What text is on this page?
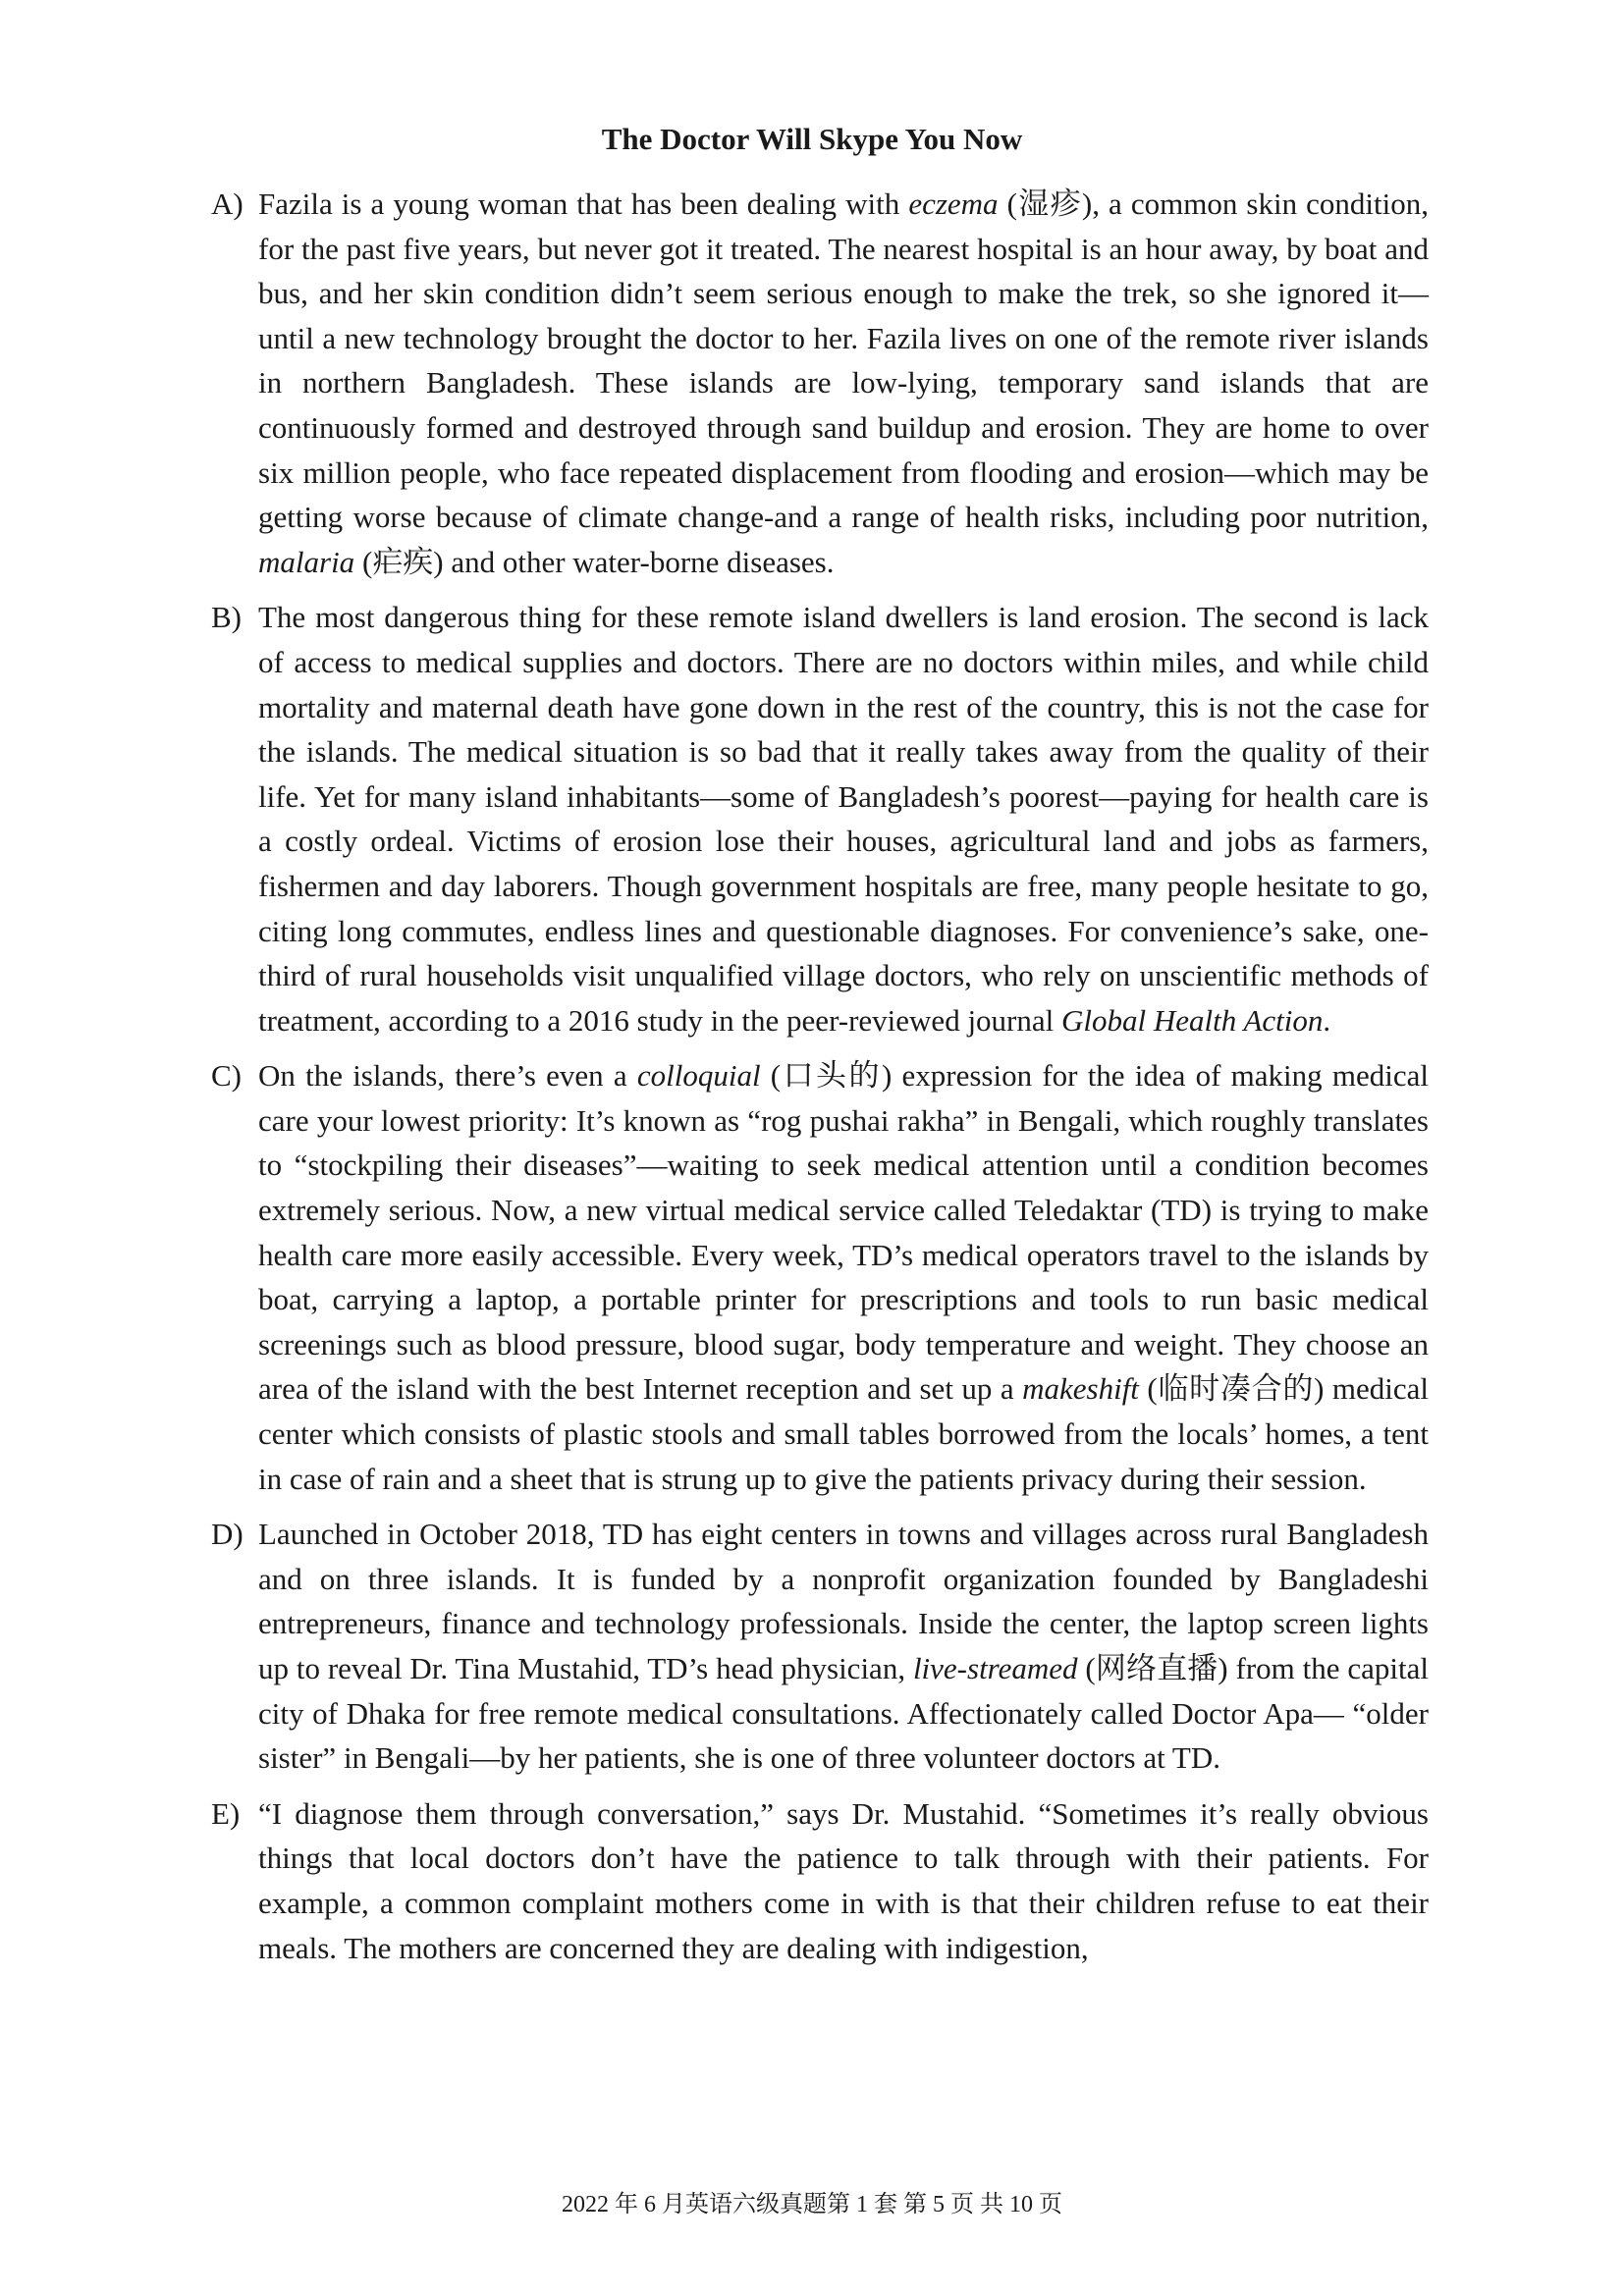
The Doctor Will Skype You Now
A) Fazila is a young woman that has been dealing with eczema (湿疹), a common skin condition, for the past five years, but never got it treated. The nearest hospital is an hour away, by boat and bus, and her skin condition didn’t seem serious enough to make the trek, so she ignored it—until a new technology brought the doctor to her. Fazila lives on one of the remote river islands in northern Bangladesh. These islands are low-lying, temporary sand islands that are continuously formed and destroyed through sand buildup and erosion. They are home to over six million people, who face repeated displacement from flooding and erosion—which may be getting worse because of climate change-and a range of health risks, including poor nutrition, malaria (疟疾) and other water-borne diseases.
B) The most dangerous thing for these remote island dwellers is land erosion. The second is lack of access to medical supplies and doctors. There are no doctors within miles, and while child mortality and maternal death have gone down in the rest of the country, this is not the case for the islands. The medical situation is so bad that it really takes away from the quality of their life. Yet for many island inhabitants—some of Bangladesh’s poorest—paying for health care is a costly ordeal. Victims of erosion lose their houses, agricultural land and jobs as farmers, fishermen and day laborers. Though government hospitals are free, many people hesitate to go, citing long commutes, endless lines and questionable diagnoses. For convenience’s sake, one-third of rural households visit unqualified village doctors, who rely on unscientific methods of treatment, according to a 2016 study in the peer-reviewed journal Global Health Action.
C) On the islands, there’s even a colloquial (口头的) expression for the idea of making medical care your lowest priority: It’s known as “rog pushai rakha” in Bengali, which roughly translates to “stockpiling their diseases”—waiting to seek medical attention until a condition becomes extremely serious. Now, a new virtual medical service called Teledaktar (TD) is trying to make health care more easily accessible. Every week, TD’s medical operators travel to the islands by boat, carrying a laptop, a portable printer for prescriptions and tools to run basic medical screenings such as blood pressure, blood sugar, body temperature and weight. They choose an area of the island with the best Internet reception and set up a makeshift (临时凑合的) medical center which consists of plastic stools and small tables borrowed from the locals’ homes, a tent in case of rain and a sheet that is strung up to give the patients privacy during their session.
D) Launched in October 2018, TD has eight centers in towns and villages across rural Bangladesh and on three islands. It is funded by a nonprofit organization founded by Bangladeshi entrepreneurs, finance and technology professionals. Inside the center, the laptop screen lights up to reveal Dr. Tina Mustahid, TD’s head physician, live-streamed (网络直播) from the capital city of Dhaka for free remote medical consultations. Affectionately called Doctor Apa— “older sister” in Bengali—by her patients, she is one of three volunteer doctors at TD.
E) “I diagnose them through conversation,” says Dr. Mustahid. “Sometimes it’s really obvious things that local doctors don’t have the patience to talk through with their patients. For example, a common complaint mothers come in with is that their children refuse to eat their meals. The mothers are concerned they are dealing with indigestion,
2022 年 6 月英语六级真题第 1 套 第 5 页 共 10 页
